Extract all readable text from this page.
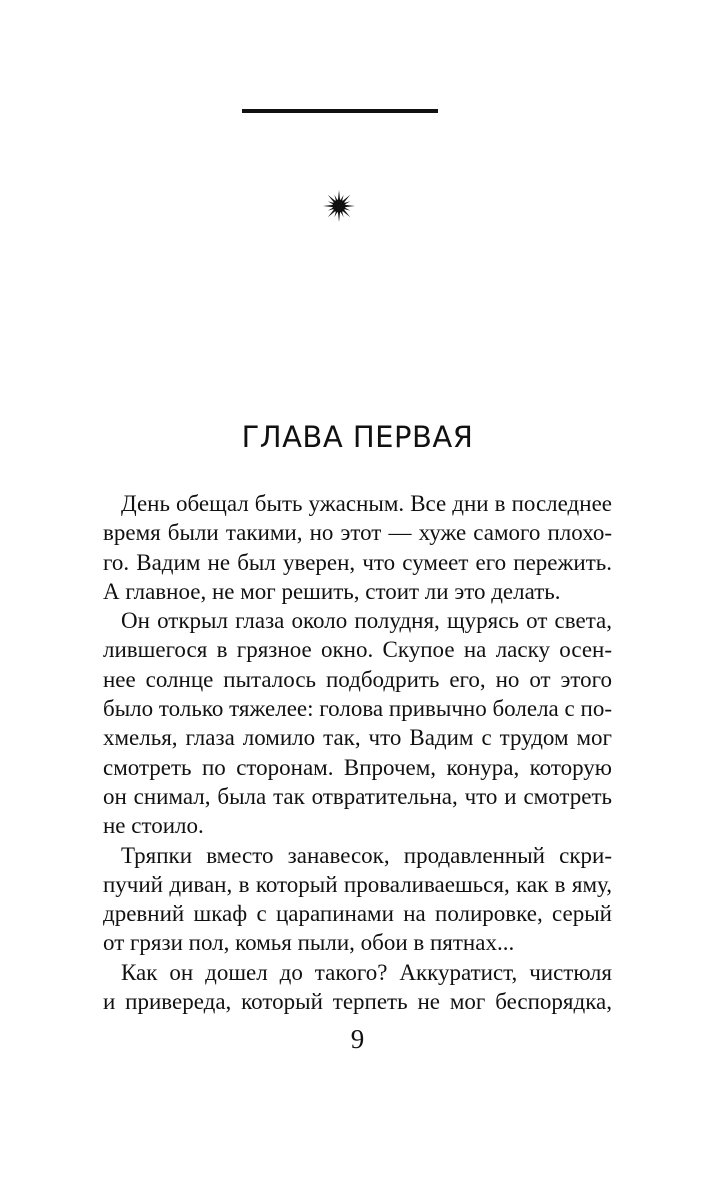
ГЛАВА ПЕРВАЯ
День обещал быть ужасным. Все дни в последнее
время были такими, но этот — хуже самого плохо-
го. Вадим не был уверен, что сумеет его пережить.
А главное, не мог решить, стоит ли это делать.
Он открыл глаза около полудня, щурясь от света,
лившегося в грязное окно. Скупое на ласку осен-
нее солнце пыталось подбодрить его, но от этого
было только тяжелее: голова привычно болела с по-
хмелья, глаза ломило так, что Вадим с трудом мог
смотреть по сторонам. Впрочем, конура, которую
он снимал, была так отвратительна, что и смотреть
не стоило.
Тряпки вместо занавесок, продавленный скри-
пучий диван, в который проваливаешься, как в яму,
древний шкаф с царапинами на полировке, серый
от грязи пол, комья пыли, обои в пятнах...
Как он дошел до такого? Аккуратист, чистюля
и привереда, который терпеть не мог беспорядка,
9
